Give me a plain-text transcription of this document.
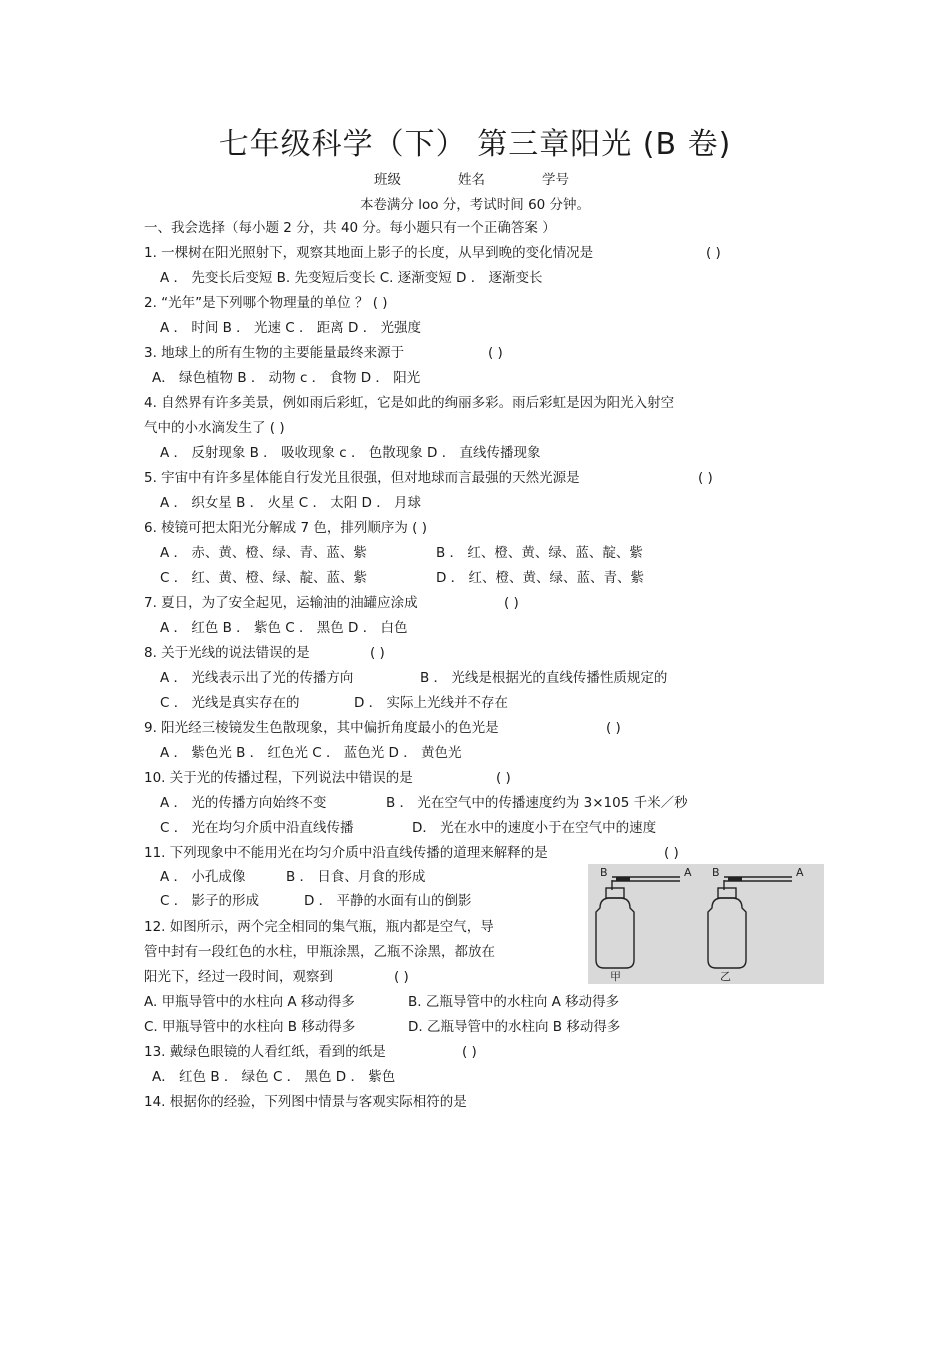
七年级科学（下） 第三章阳光 (B 卷)
班级	姓名	学号
本卷满分 loo 分，考试时间 60 分钟。
一、我会选择（每小题 2 分，共 40 分。每小题只有一个正确答案 ）
1. 一棵树在阳光照射下，观察其地面上影子的长度，从早到晚的变化情况是	( )
A ． 先变长后变短 B. 先变短后变长 C. 逐渐变短 D ． 逐渐变长
2. “光年”是下列哪个物理量的单位 ？ ( )
A ． 时间 B ． 光速 C ． 距离 D ． 光强度
3. 地球上的所有生物的主要能量最终来源于	( )
A． 绿色植物 B ． 动物 c ． 食物 D ． 阳光
4. 自然界有许多美景，例如雨后彩虹，它是如此的绚丽多彩。雨后彩虹是因为阳光入射空
气中的小水滴发生了 ( )
A ． 反射现象 B ． 吸收现象 c ． 色散现象 D ． 直线传播现象
5. 宇宙中有许多星体能自行发光且很强，但对地球而言最强的天然光源是	( )
A ． 织女星 B ． 火星 C ． 太阳 D ． 月球
6. 棱镜可把太阳光分解成 7 色，排列顺序为 ( )
A ． 赤、黄、橙、绿、青、蓝、紫	B ． 红、橙、黄、绿、蓝、靛、紫
C ． 红、黄、橙、绿、靛、蓝、紫	D ． 红、橙、黄、绿、蓝、青、紫
7. 夏日，为了安全起见，运输油的油罐应涂成	( )
A ． 红色 B ． 紫色 C ． 黑色 D ． 白色
8. 关于光线的说法错误的是	( )
A ． 光线表示出了光的传播方向	B ． 光线是根据光的直线传播性质规定的
C ． 光线是真实存在的	D ． 实际上光线并不存在
9. 阳光经三棱镜发生色散现象，其中偏折角度最小的色光是	( )
A ． 紫色光 B ． 红色光 C ． 蓝色光 D ． 黄色光
10. 关于光的传播过程，下列说法中错误的是	( )
A ． 光的传播方向始终不变	B ． 光在空气中的传播速度约为 3×105 千米／秒
C ． 光在均匀介质中沿直线传播	D． 光在水中的速度小于在空气中的速度
11. 下列现象中不能用光在均匀介质中沿直线传播的道理来解释的是	( )
A ． 小孔成像	B ． 日食、月食的形成
C ． 影子的形成	D ． 平静的水面有山的倒影
12. 如图所示，两个完全相同的集气瓶，瓶内都是空气，导
管中封有一段红色的水柱，甲瓶涂黑，乙瓶不涂黑，都放在
阳光下，经过一段时间，观察到	( )
A. 甲瓶导管中的水柱向 A 移动得多	B. 乙瓶导管中的水柱向 A 移动得多
C. 甲瓶导管中的水柱向 B 移动得多	D. 乙瓶导管中的水柱向 B 移动得多
B	A B	A
甲	乙
13. 戴绿色眼镜的人看红纸，看到的纸是	( )
A． 红色 B ． 绿色 C ． 黑色 D ． 紫色
14. 根据你的经验，下列图中情景与客观实际相符的是
